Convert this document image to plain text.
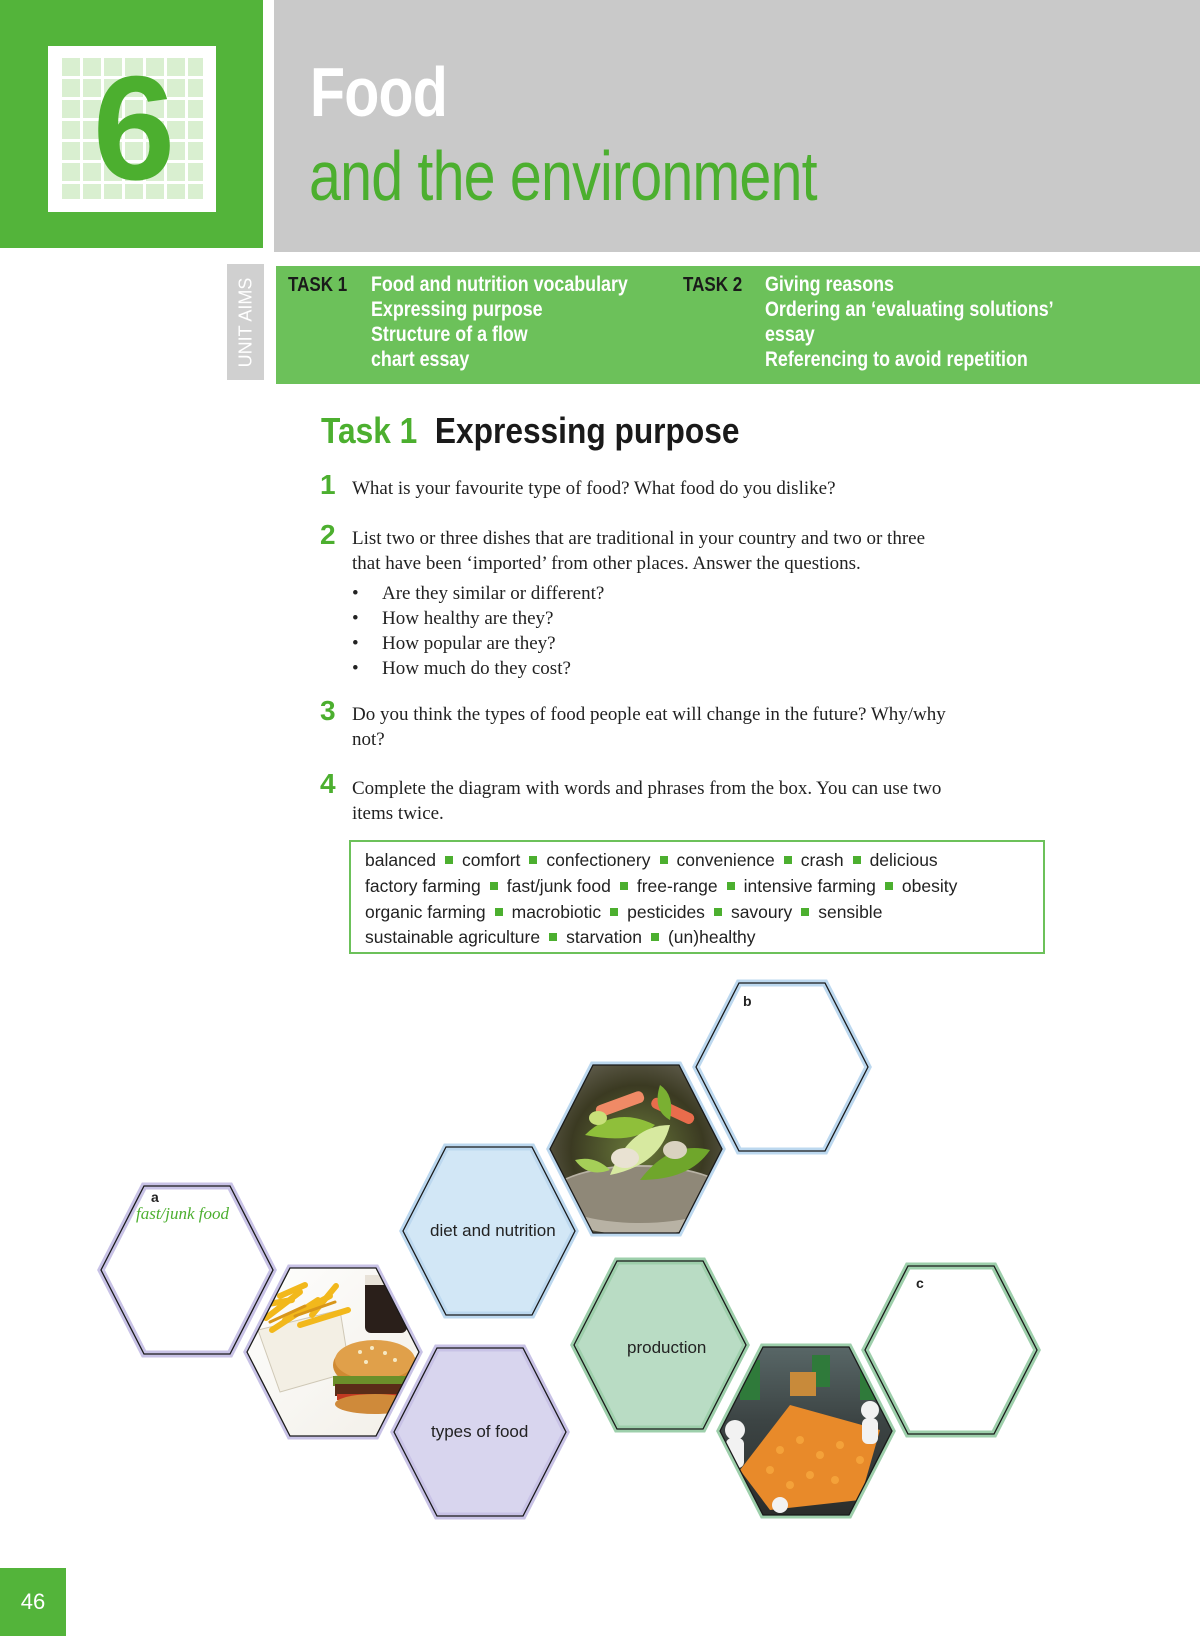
6	Food
and the environment
UNIT AIMS TASK 1 Food and nutrition vocabulary
Expressing purpose
Structure of a flow
chart essay
TASK 2 Giving reasons
Ordering an ‘evaluating solutions’
essay
Referencing to avoid repetition
Task 1 Expressing purpose
1 What is your favourite type of food? What food do you dislike?
2 List two or three dishes that are traditional in your country and two or three
that have been ‘imported’ from other places. Answer the questions.
• Are they similar or different?
• How healthy are they?
• How popular are they?
• How much do they cost?
3 Do you think the types of food people eat will change in the future? Why/why
not?
4 Complete the diagram with words and phrases from the box. You can use two
items twice.
balanced comfort confectionery convenience crash delicious
factory farming fast/junk food free-range intensive farming obesity
organic farming macrobiotic pesticides savoury sensible
sustainable agriculture starvation (un)healthy
a
fast/junk food
b
c
diet and nutrition
production
types of food
46
